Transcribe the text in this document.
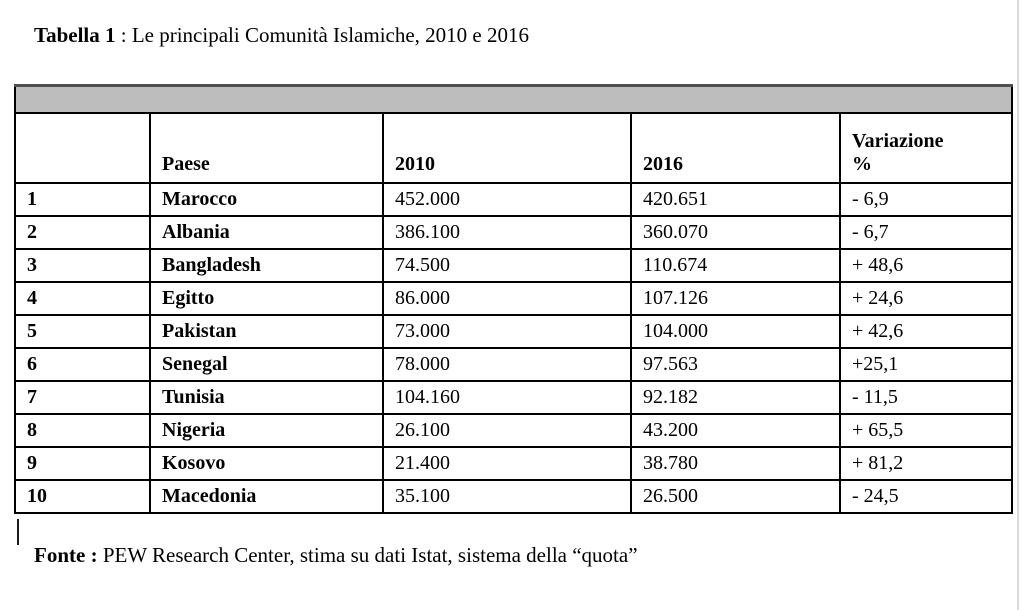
Tabella 1 : Le principali Comunità Islamiche, 2010 e 2016

	Paese	2010	2016	Variazione
%

1	Marocco	452.000	420.651	- 6,9
2	Albania	386.100	360.070	- 6,7
3	Bangladesh	74.500	110.674	+ 48,6
4	Egitto	86.000	107.126	+ 24,6
5	Pakistan	73.000	104.000	+ 42,6
6	Senegal	78.000	97.563	+25,1
7	Tunisia	104.160	92.182	- 11,5
8	Nigeria	26.100	43.200	+ 65,5
9	Kosovo	21.400	38.780	+ 81,2
10	Macedonia	35.100	26.500	- 24,5
Fonte : PEW Research Center, stima su dati Istat, sistema della “quota”
